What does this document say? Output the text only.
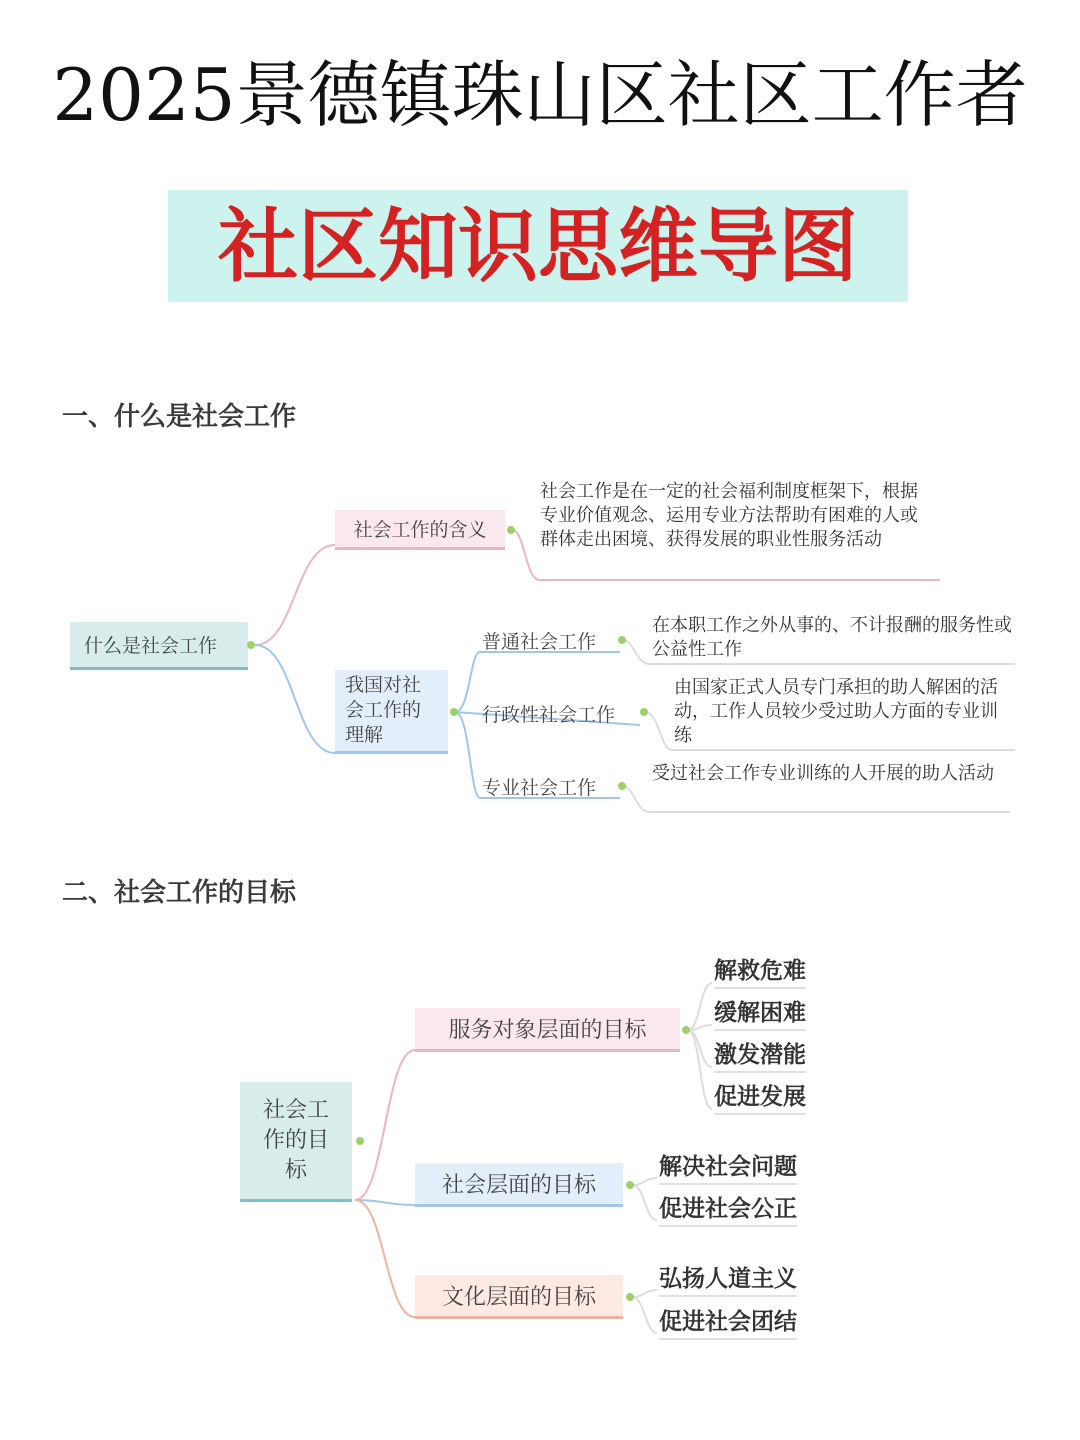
2025景德镇珠山区社区工作者
社区知识思维导图
一、什么是社会工作
什么是社会工作
社会工作的含义
社会工作是在一定的社会福利制度框架下，根据专业价值观念、运用专业方法帮助有困难的人或群体走出困境、获得发展的职业性服务活动
我国对社会工作的理解
普通社会工作
在本职工作之外从事的、不计报酬的服务性或公益性工作
行政性社会工作
由国家正式人员专门承担的助人解困的活动，工作人员较少受过助人方面的专业训练
专业社会工作
受过社会工作专业训练的人开展的助人活动
二、社会工作的目标
社会工作的目标
服务对象层面的目标
解救危难
缓解困难
激发潜能
促进发展
社会层面的目标
解决社会问题
促进社会公正
文化层面的目标
弘扬人道主义
促进社会团结
